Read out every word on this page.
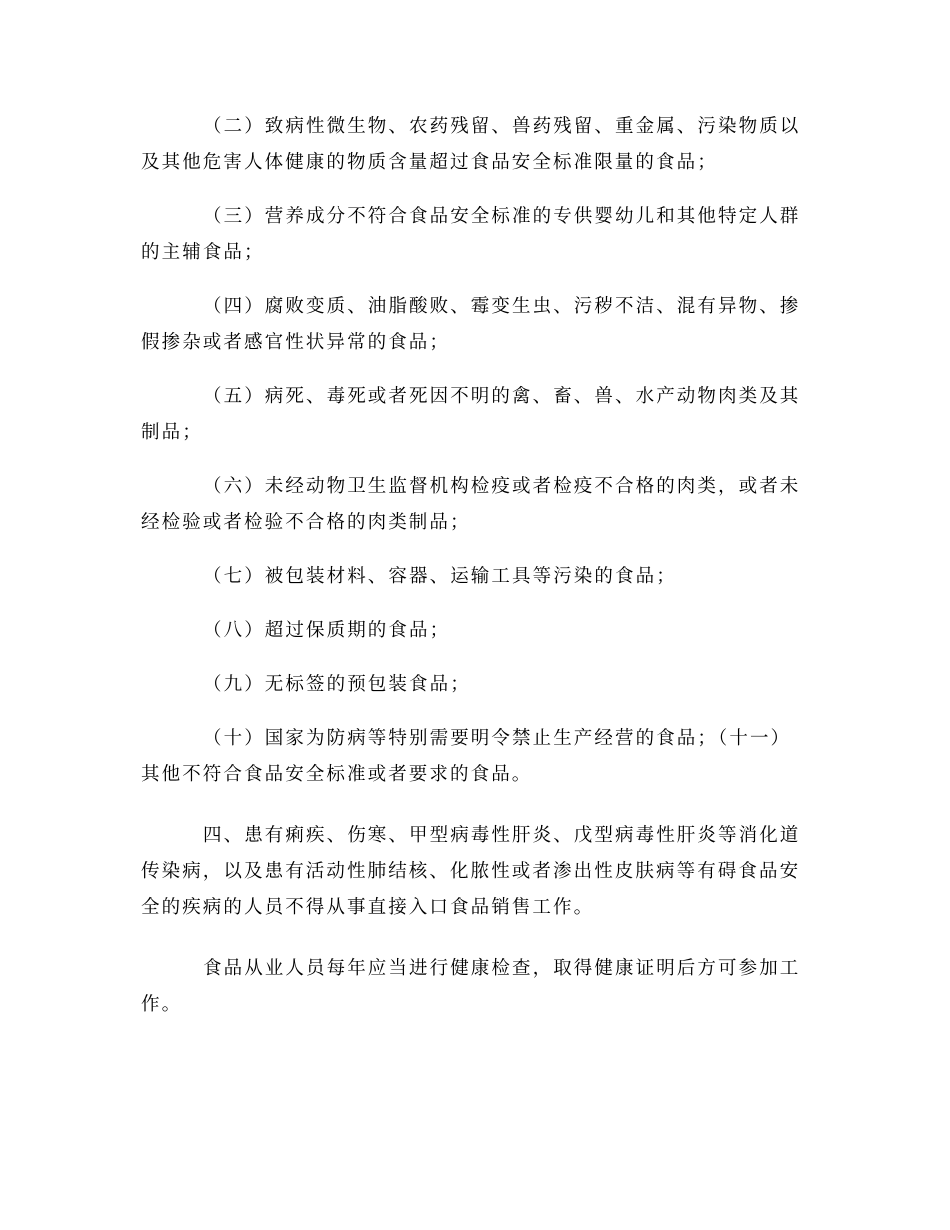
（二）致病性微生物、农药残留、兽药残留、重金属、污染物质以及其他危害人体健康的物质含量超过食品安全标准限量的食品；

（三）营养成分不符合食品安全标准的专供婴幼儿和其他特定人群的主辅食品；

（四）腐败变质、油脂酸败、霉变生虫、污秽不洁、混有异物、掺假掺杂或者感官性状异常的食品；

（五）病死、毒死或者死因不明的禽、畜、兽、水产动物肉类及其制品；

（六）未经动物卫生监督机构检疫或者检疫不合格的肉类，或者未经检验或者检验不合格的肉类制品；

（七）被包装材料、容器、运输工具等污染的食品；

（八）超过保质期的食品；

（九）无标签的预包装食品；

（十）国家为防病等特别需要明令禁止生产经营的食品；（十一）其他不符合食品安全标准或者要求的食品。

四、患有痢疾、伤寒、甲型病毒性肝炎、戊型病毒性肝炎等消化道传染病，以及患有活动性肺结核、化脓性或者渗出性皮肤病等有碍食品安全的疾病的人员不得从事直接入口食品销售工作。

食品从业人员每年应当进行健康检查，取得健康证明后方可参加工作。
